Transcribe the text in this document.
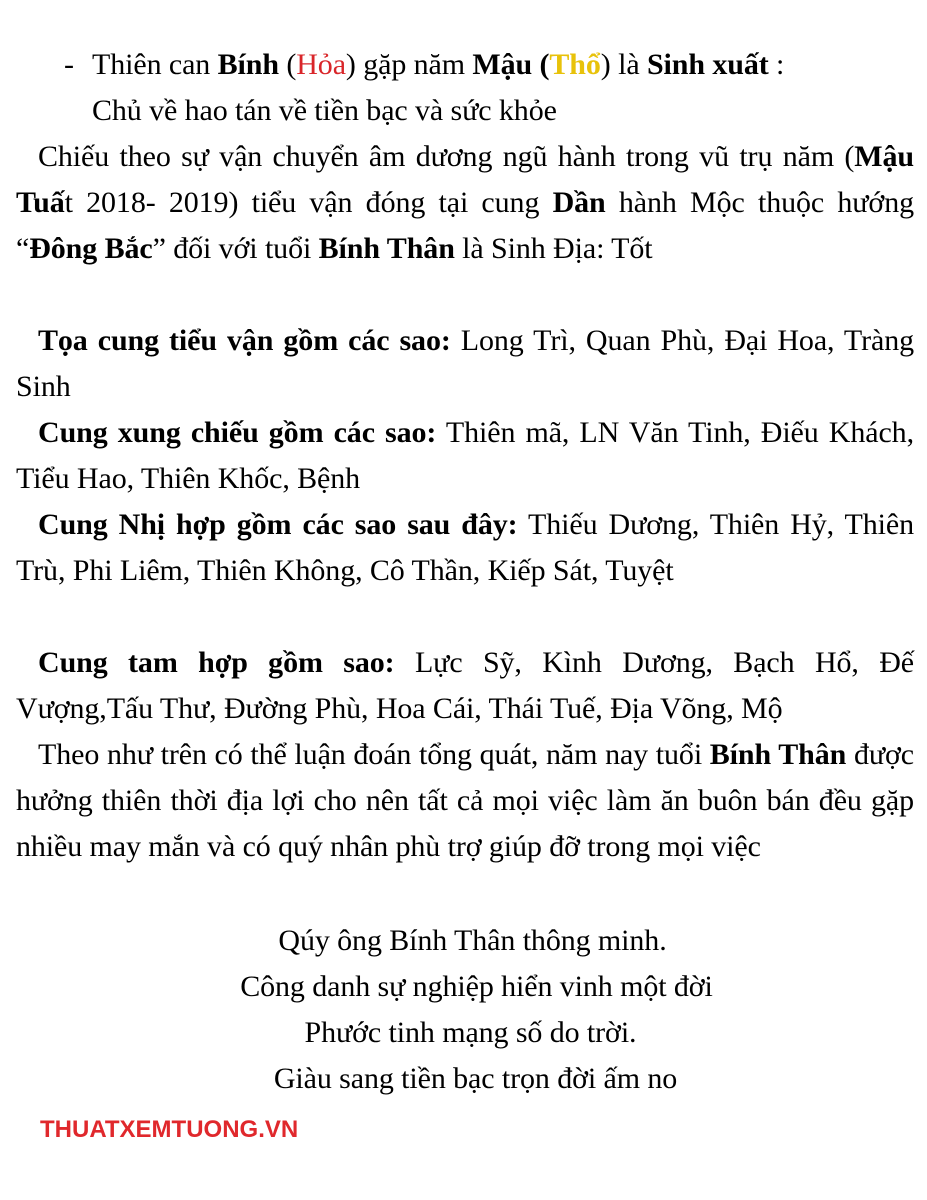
- Thiên can Bính (Hỏa) gặp năm Mậu (Thổ) là Sinh xuất :
Chủ về hao tán về tiền bạc và sức khỏe
Chiếu theo sự vận chuyển âm dương ngũ hành trong vũ trụ năm (Mậu Tuất 2018- 2019) tiểu vận đóng tại cung Dần hành Mộc thuộc hướng “Đông Bắc” đối với tuổi Bính Thân là Sinh Địa: Tốt
Tọa cung tiểu vận gồm các sao: Long Trì, Quan Phù, Đại Hoa, Tràng Sinh
Cung xung chiếu gồm các sao: Thiên mã, LN Văn Tinh, Điếu Khách, Tiểu Hao, Thiên Khốc, Bệnh
Cung Nhị hợp gồm các sao sau đây: Thiếu Dương, Thiên Hỷ, Thiên Trù, Phi Liêm, Thiên Không, Cô Thần, Kiếp Sát, Tuyệt
Cung tam hợp gồm sao: Lực Sỹ, Kình Dương, Bạch Hổ, Đế Vượng,Tấu Thư, Đường Phù, Hoa Cái, Thái Tuế, Địa Võng, Mộ
Theo như trên có thể luận đoán tổng quát, năm nay tuổi Bính Thân được hưởng thiên thời địa lợi cho nên tất cả mọi việc làm ăn buôn bán đều gặp nhiều may mắn và có quý nhân phù trợ giúp đỡ trong mọi việc
Qúy ông Bính Thân thông minh.
Công danh sự nghiệp hiển vinh một đời
Phước tinh mạng số do trời.
Giàu sang tiền bạc trọn đời ấm no
THUATXEMTUONG.VN
